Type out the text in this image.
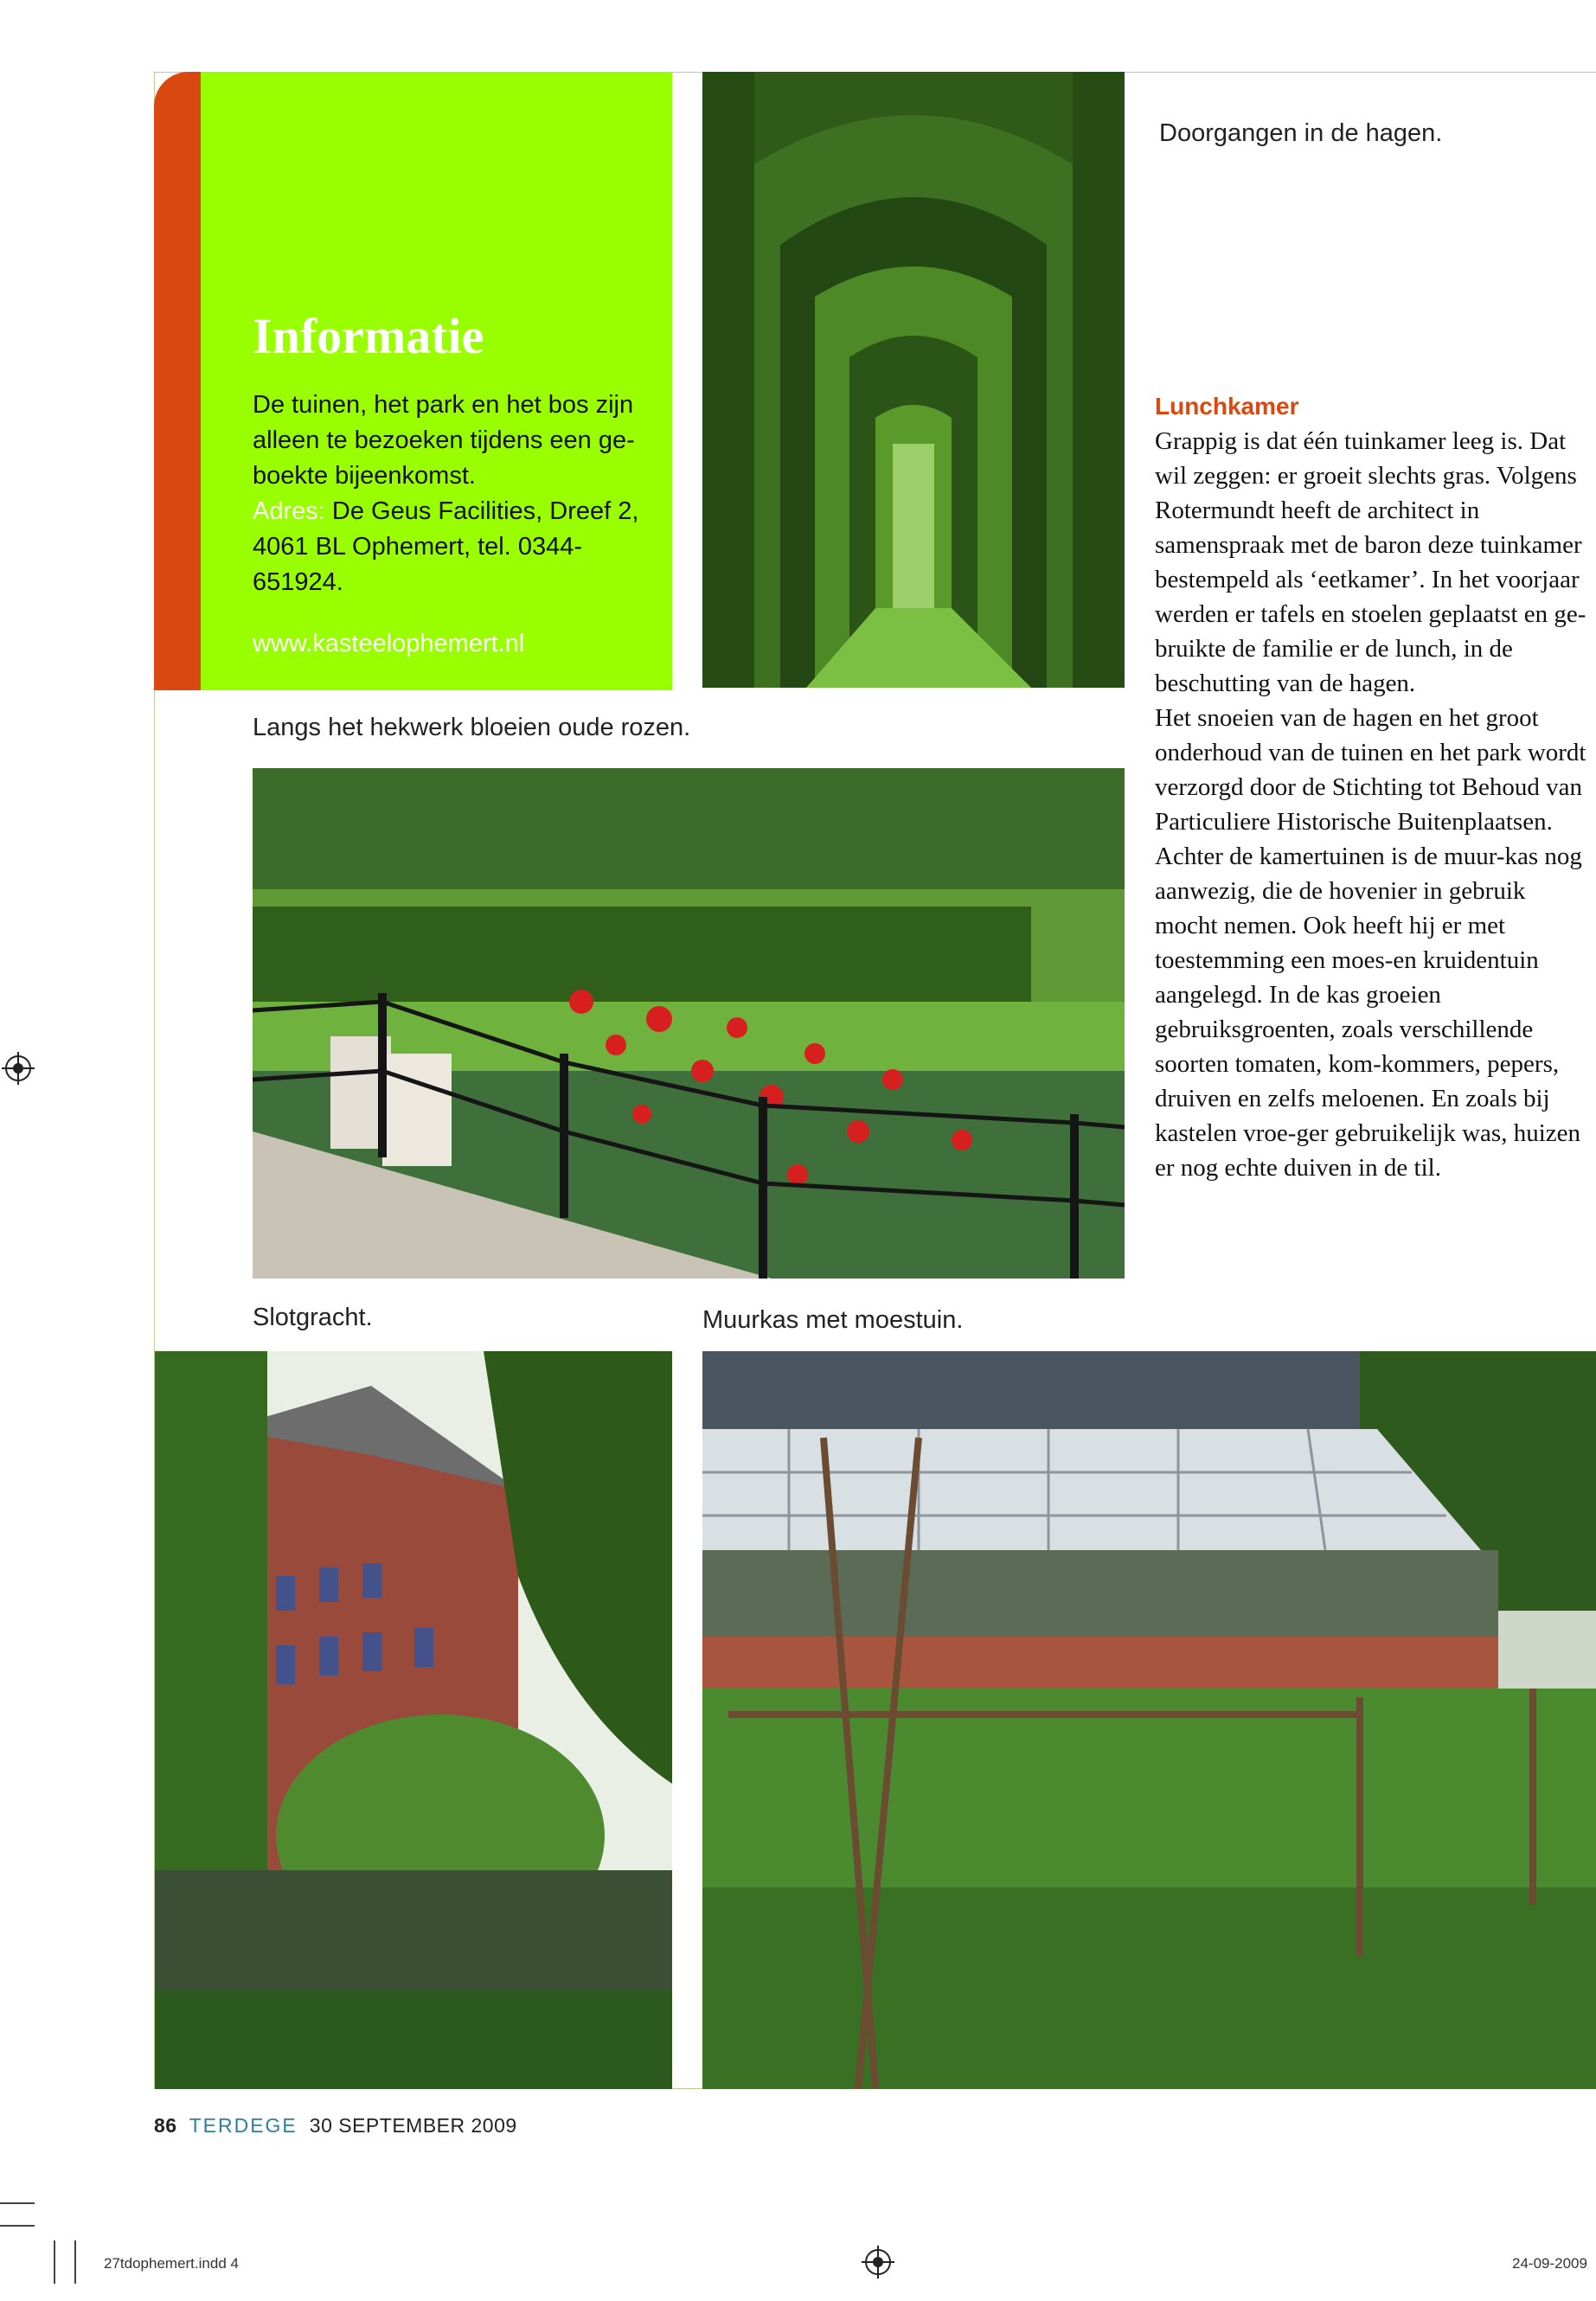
Informatie
De tuinen, het park en het bos zijn alleen te bezoeken tijdens een ge-boekte bijeenkomst.
Adres: De Geus Facilities, Dreef 2, 4061 BL Ophemert, tel. 0344-651924.
www.kasteelophemert.nl
Doorgangen in de hagen.
Langs het hekwerk bloeien oude rozen.
Lunchkamer

Grappig is dat één tuinkamer leeg is. Dat wil zeggen: er groeit slechts gras. Volgens Rotermundt heeft de architect in samenspraak met de baron deze tuinkamer bestempeld als ‘eetkamer’. In het voorjaar werden er tafels en stoelen geplaatst en ge-bruikte de familie er de lunch, in de beschutting van de hagen.

Het snoeien van de hagen en het groot onderhoud van de tuinen en het park wordt verzorgd door de Stichting tot Behoud van Particuliere Historische Buitenplaatsen.

Achter de kamertuinen is de muur-kas nog aanwezig, die de hovenier in gebruik mocht nemen. Ook heeft hij er met toestemming een moes-en kruidentuin aangelegd. In de kas groeien gebruiksgroenten, zoals verschillende soorten tomaten, kom-kommers, pepers, druiven en zelfs meloenen. En zoals bij kastelen vroe-ger gebruikelijk was, huizen er nog echte duiven in de til.

Slotgracht.	Muurkas met moestuin.
86 TERDEGE 30 SEPTEMBER 2009
27tdophemert.indd 4	24-09-2009
